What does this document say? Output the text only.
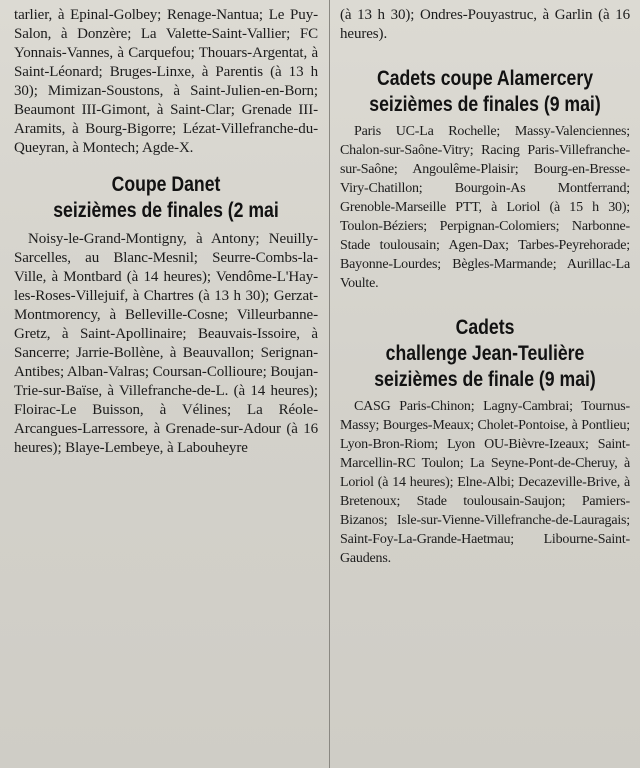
tarlier, à Epinal-Golbey; Renage-Nantua; Le Puy-Salon, à Donzère; La Valette-Saint-Vallier; FC Yonnais-Vannes, à Carquefou; Thouars-Argentat, à Saint-Léonard; Bruges-Linxe, à Parentis (à 13 h 30); Mimizan-Soustons, à Saint-Julien-en-Born; Beaumont III-Gimont, à Saint-Clar; Grenade III-Aramits, à Bourg-Bigorre; Lézat-Villefranche-du-Queyran, à Montech; Agde-X.

Coupe Danet
seizièmes de finales (2 mai

Noisy-le-Grand-Montigny, à Antony; Neuilly-Sarcelles, au Blanc-Mesnil; Seurre-Combs-la-Ville, à Montbard (à 14 heures); Vendôme-L'Hay-les-Roses-Villejuif, à Chartres (à 13 h 30); Gerzat-Montmorency, à Belleville-Cosne; Villeurbanne-Gretz, à Saint-Apollinaire; Beauvais-Issoire, à Sancerre; Jarrie-Bollène, à Beauvallon; Serignan-Antibes; Alban-Valras; Coursan-Collioure; Boujan-Trie-sur-Baïse, à Villefranche-de-L. (à 14 heures); Floirac-Le Buisson, à Vélines; La Réole-Arcangues-Larressore, à Grenade-sur-Adour (à 16 heures); Blaye-Lembeye, à Labouheyre

(à 13 h 30); Ondres-Pouyastruc, à Garlin (à 16 heures).

Cadets coupe Alamercery
seizièmes de finales (9 mai)

Paris UC-La Rochelle; Massy-Valenciennes; Chalon-sur-Saône-Vitry; Racing Paris-Villefranche-sur-Saône; Angoulême-Plaisir; Bourg-en-Bresse-Viry-Chatillon; Bourgoin-As Montferrand; Grenoble-Marseille PTT, à Loriol (à 15 h 30); Toulon-Béziers; Perpignan-Colomiers; Narbonne-Stade toulousain; Agen-Dax; Tarbes-Peyrehorade; Bayonne-Lourdes; Bègles-Marmande; Aurillac-La Voulte.

Cadets
challenge Jean-Teulière
seizièmes de finale (9 mai)

CASG Paris-Chinon; Lagny-Cambrai; Tournus-Massy; Bourges-Meaux; Cholet-Pontoise, à Pontlieu; Lyon-Bron-Riom; Lyon OU-Bièvre-Izeaux; Saint-Marcellin-RC Toulon; La Seyne-Pont-de-Cheruy, à Loriol (à 14 heures); Elne-Albi; Decazeville-Brive, à Bretenoux; Stade toulousain-Saujon; Pamiers-Bizanos; Isle-sur-Vienne-Villefranche-de-Lauragais; Saint-Foy-La-Grande-Haetmau; Libourne-Saint-Gaudens.
